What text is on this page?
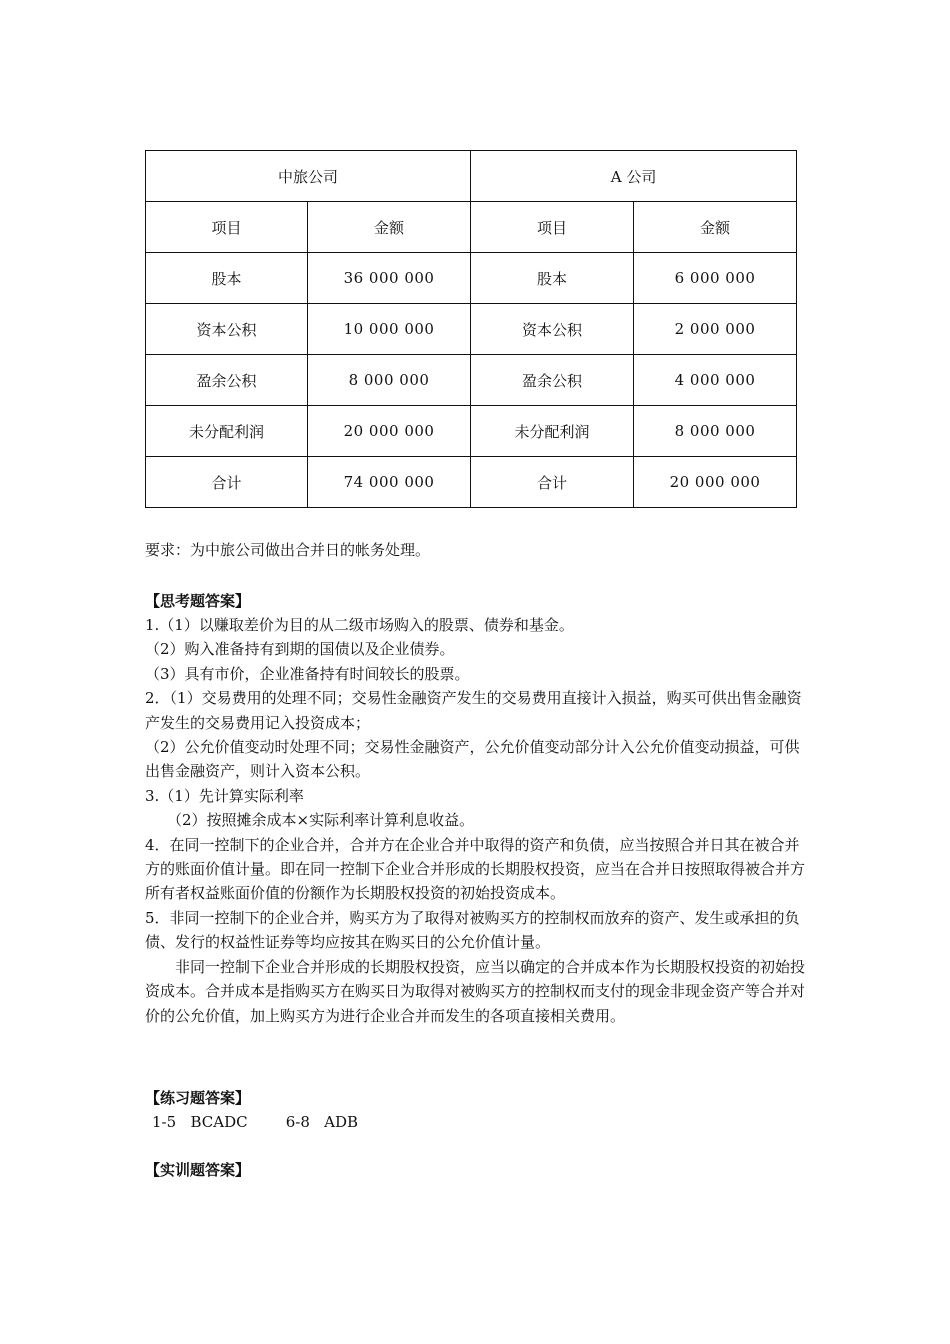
中旅公司		A 公司	
项目	金额	项目	金额
股本	36 000 000	股本	6 000 000
资本公积	10 000 000	资本公积	2 000 000
盈余公积	8 000 000	盈余公积	4 000 000
未分配利润	20 000 000	未分配利润	8 000 000
合计	74 000 000	合计	20 000 000
要求：为中旅公司做出合并日的帐务处理。
【思考题答案】

1.（1）以赚取差价为目的从二级市场购入的股票、债券和基金。

（2）购入准备持有到期的国债以及企业债券。

（3）具有市价，企业准备持有时间较长的股票。

2．（1）交易费用的处理不同；交易性金融资产发生的交易费用直接计入损益，购买可供出售金融资产发生的交易费用记入投资成本；

（2）公允价值变动时处理不同；交易性金融资产，公允价值变动部分计入公允价值变动损益，可供出售金融资产，则计入资本公积。

3.（1）先计算实际利率

（2）按照摊余成本×实际利率计算利息收益。

4．在同一控制下的企业合并，合并方在企业合并中取得的资产和负债，应当按照合并日其在被合并方的账面价值计量。即在同一控制下企业合并形成的长期股权投资，应当在合并日按照取得被合并方所有者权益账面价值的份额作为长期股权投资的初始投资成本。

5．非同一控制下的企业合并，购买方为了取得对被购买方的控制权而放弃的资产、发生或承担的负债、发行的权益性证券等均应按其在购买日的公允价值计量。

非同一控制下企业合并形成的长期股权投资，应当以确定的合并成本作为长期股权投资的初始投资成本。合并成本是指购买方在购买日为取得对被购买方的控制权而支付的现金非现金资产等合并对价的公允价值，加上购买方为进行企业合并而发生的各项直接相关费用。

【练习题答案】
1-5   BCADC        6-8   ADB
【实训题答案】
